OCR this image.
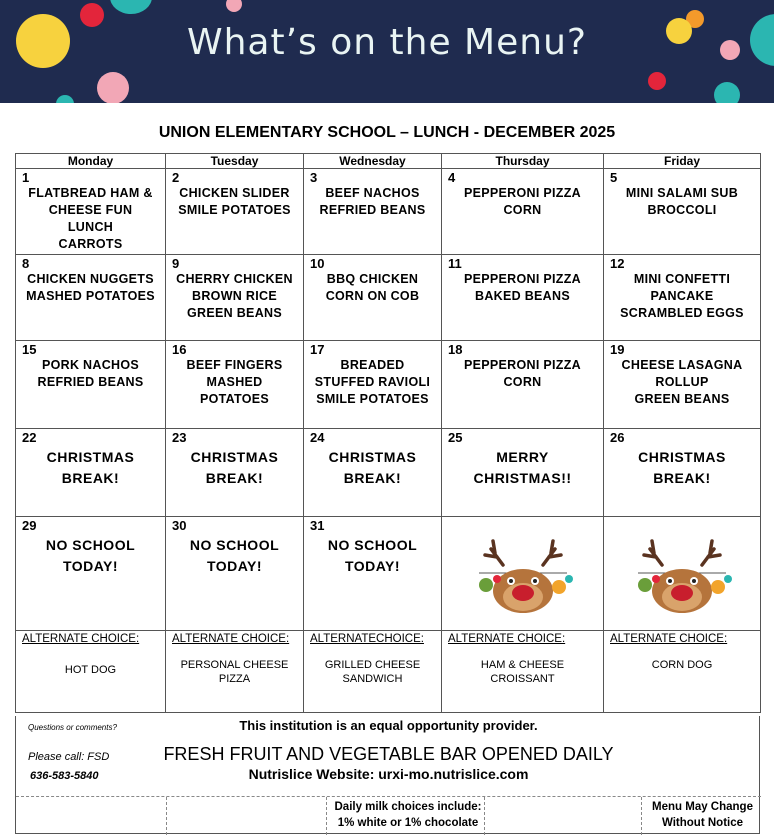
What’s on the Menu?
UNION ELEMENTARY SCHOOL – LUNCH - DECEMBER 2025
Monday	Tuesday	Wednesday	Thursday	Friday

1
FLATBREAD HAM &
CHEESE FUN
LUNCH
CARROTS	2
CHICKEN SLIDER
SMILE POTATOES	3
BEEF NACHOS
REFRIED BEANS	4
PEPPERONI PIZZA
CORN	5
MINI SALAMI SUB
BROCCOLI

8
CHICKEN NUGGETS
MASHED POTATOES	9
CHERRY CHICKEN
BROWN RICE
GREEN BEANS	10
BBQ CHICKEN
CORN ON COB	11
PEPPERONI PIZZA
BAKED BEANS	12
MINI CONFETTI
PANCAKE
SCRAMBLED EGGS

15
PORK NACHOS
REFRIED BEANS	16
BEEF FINGERS
MASHED
POTATOES	17
BREADED
STUFFED RAVIOLI
SMILE POTATOES	18
PEPPERONI PIZZA
CORN	19
CHEESE LASAGNA
ROLLUP
GREEN BEANS

22
CHRISTMAS
BREAK!	23
CHRISTMAS
BREAK!	24
CHRISTMAS
BREAK!	25
MERRY
CHRISTMAS!!	26
CHRISTMAS
BREAK!

29
NO SCHOOL
TODAY!	30
NO SCHOOL
TODAY!	31
NO SCHOOL
TODAY!

ALTERNATE CHOICE:
HOT DOG	ALTERNATE CHOICE:
PERSONAL CHEESE
PIZZA	ALTERNATECHOICE:
GRILLED CHEESE
SANDWICH	ALTERNATE CHOICE:
HAM & CHEESE
CROISSANT	ALTERNATE CHOICE:
CORN DOG
This institution is an equal opportunity provider.
Questions or comments?
FRESH FRUIT AND VEGETABLE BAR OPENED DAILY
Please call: FSD
Nutrislice Website: urxi-mo.nutrislice.com
636-583-5840
Daily milk choices include:
1% white or 1% chocolate
Menu May Change
Without Notice
